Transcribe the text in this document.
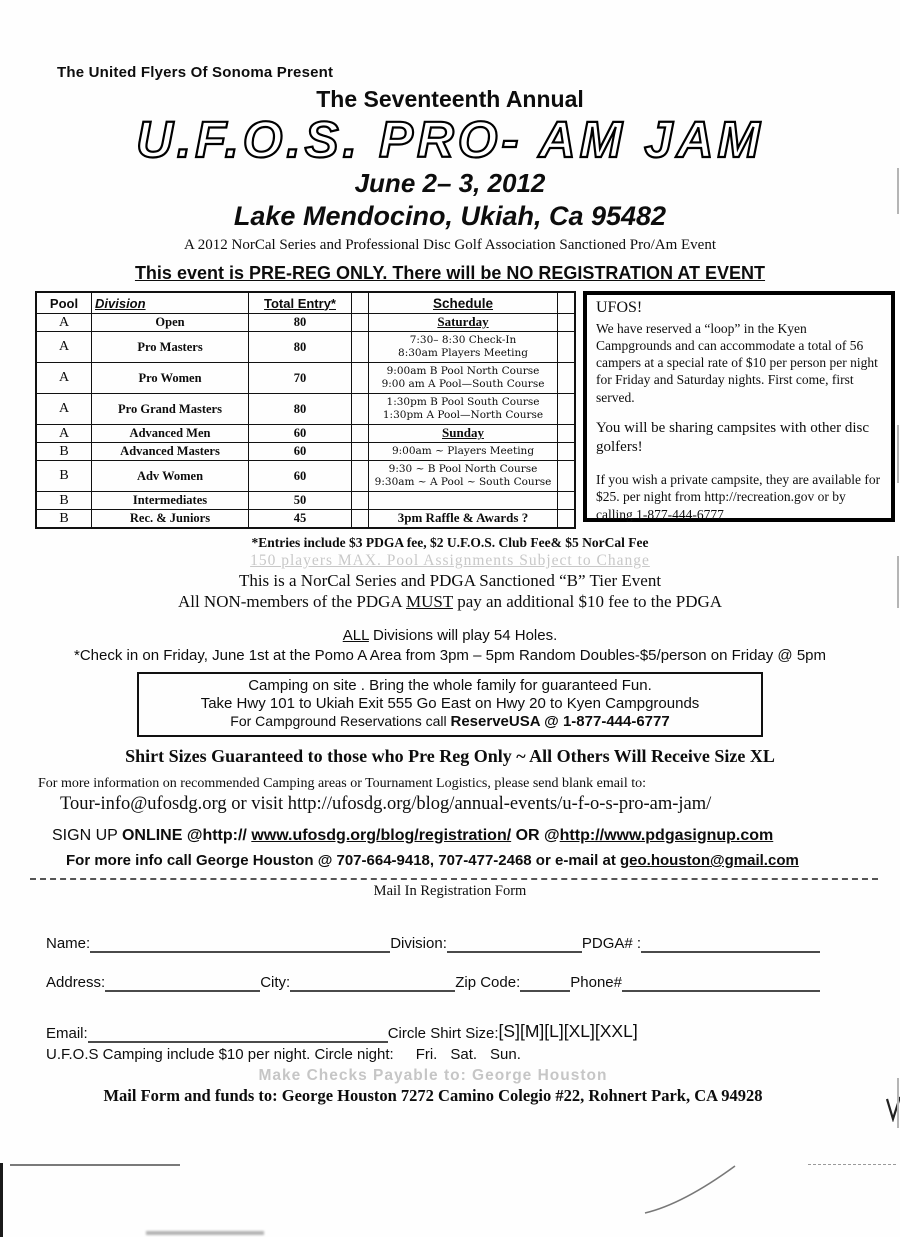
The United Flyers Of Sonoma Present
The Seventeenth Annual
U.F.O.S. PRO- AM JAM
June 2– 3, 2012
Lake Mendocino, Ukiah, Ca 95482
A 2012 NorCal Series and Professional Disc Golf Association Sanctioned Pro/Am Event
This event is PRE-REG ONLY. There will be NO REGISTRATION AT EVENT
Pool	Division	Total Entry*		Schedule	
A	Open	80		Saturday	

A	Pro Masters	80		7:30– 8:30 Check-In
8:30am Players Meeting	

A	Pro Women	70		9:00am B Pool North Course
9:00 am A Pool—South Course	

A	Pro Grand Masters	80		1:30pm B Pool South Course
1:30pm A Pool—North Course	

A	Advanced Men	60		Sunday	

B	Advanced Masters	60		9:00am ~ Players Meeting	

B	Adv Women	60		9:30 ~ B Pool North Course
9:30am ~ A Pool ~ South Course	

B	Intermediates	50			
B	Rec. & Juniors	45		3pm Raffle & Awards ?	

UFOS!
We have reserved a “loop” in the Kyen Campgrounds and can accommodate a total of 56 campers at a special rate of $10 per person per night for Friday and Saturday nights. First come, first served.
You will be sharing campsites with other disc golfers!
If you wish a private campsite, they are available for $25. per night from http://recreation.gov or by calling 1-877-444-6777
*Entries include $3 PDGA fee, $2 U.F.O.S. Club Fee& $5 NorCal Fee
150 players MAX. Pool Assignments Subject to Change
This is a NorCal Series and PDGA Sanctioned “B” Tier Event
All NON-members of the PDGA MUST pay an additional $10 fee to the PDGA
ALL Divisions will play 54 Holes.
*Check in on Friday, June 1st at the Pomo A Area from 3pm – 5pm Random Doubles-$5/person on Friday @ 5pm
Camping on site . Bring the whole family for guaranteed Fun.
Take Hwy 101 to Ukiah Exit 555 Go East on Hwy 20 to Kyen Campgrounds
For Campground Reservations call ReserveUSA @ 1-877-444-6777
Shirt Sizes Guaranteed to those who Pre Reg Only ~ All Others Will Receive Size XL
For more information on recommended Camping areas or Tournament Logistics, please send blank email to:
Tour-info@ufosdg.org or visit http://ufosdg.org/blog/annual-events/u-f-o-s-pro-am-jam/
SIGN UP ONLINE @http:// www.ufosdg.org/blog/registration/ OR @http://www.pdgasignup.com
For more info call George Houston @ 707-664-9418, 707-477-2468 or e-mail at geo.houston@gmail.com
Mail In Registration Form
Name:	Division:	PDGA# :
Address:	City:	Zip Code:	Phone#
Email:	Circle Shirt Size: [S][M][L][XL][XXL]
U.F.O.S Camping include $10 per night. Circle night: Fri. Sat. Sun.
Make Checks Payable to: George Houston
Mail Form and funds to: George Houston 7272 Camino Colegio #22, Rohnert Park, CA 94928
